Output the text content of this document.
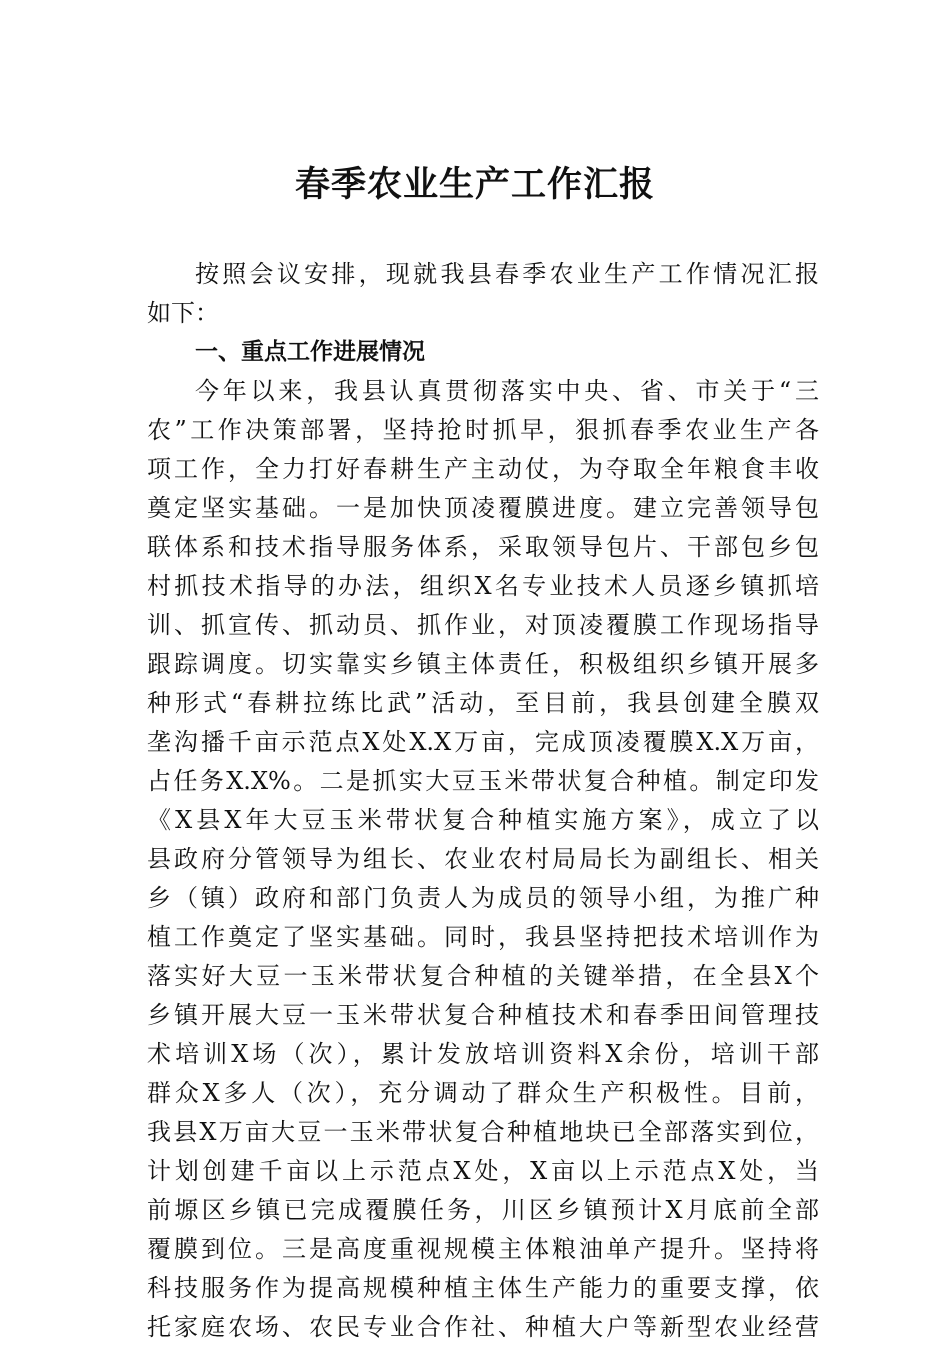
春季农业生产工作汇报

按照会议安排，现就我县春季农业生产工作情况汇报
如下：

一、重点工作进展情况

今年以来，我县认真贯彻落实中央、省、市关于“三
农”工作决策部署，坚持抢时抓早，狠抓春季农业生产各
项工作，全力打好春耕生产主动仗，为夺取全年粮食丰收
奠定坚实基础。一是加快顶凌覆膜进度。建立完善领导包
联体系和技术指导服务体系，采取领导包片、干部包乡包
村抓技术指导的办法，组织X名专业技术人员逐乡镇抓培
训、抓宣传、抓动员、抓作业，对顶凌覆膜工作现场指导
跟踪调度。切实靠实乡镇主体责任，积极组织乡镇开展多
种形式“春耕拉练比武”活动，至目前，我县创建全膜双
垄沟播千亩示范点X处X.X万亩，完成顶凌覆膜X.X万亩，
占任务X.X%。二是抓实大豆玉米带状复合种植。制定印发
《X县X年大豆玉米带状复合种植实施方案》，成立了以
县政府分管领导为组长、农业农村局局长为副组长、相关
乡（镇）政府和部门负责人为成员的领导小组，为推广种
植工作奠定了坚实基础。同时，我县坚持把技术培训作为
落实好大豆一玉米带状复合种植的关键举措，在全县X个
乡镇开展大豆一玉米带状复合种植技术和春季田间管理技
术培训X场（次），累计发放培训资料X余份，培训干部
群众X多人（次），充分调动了群众生产积极性。目前，
我县X万亩大豆一玉米带状复合种植地块已全部落实到位，
计划创建千亩以上示范点X处，X亩以上示范点X处，当
前塬区乡镇已完成覆膜任务，川区乡镇预计X月底前全部
覆膜到位。三是高度重视规模主体粮油单产提升。坚持将
科技服务作为提高规模种植主体生产能力的重要支撑，依
托家庭农场、农民专业合作社、种植大户等新型农业经营
